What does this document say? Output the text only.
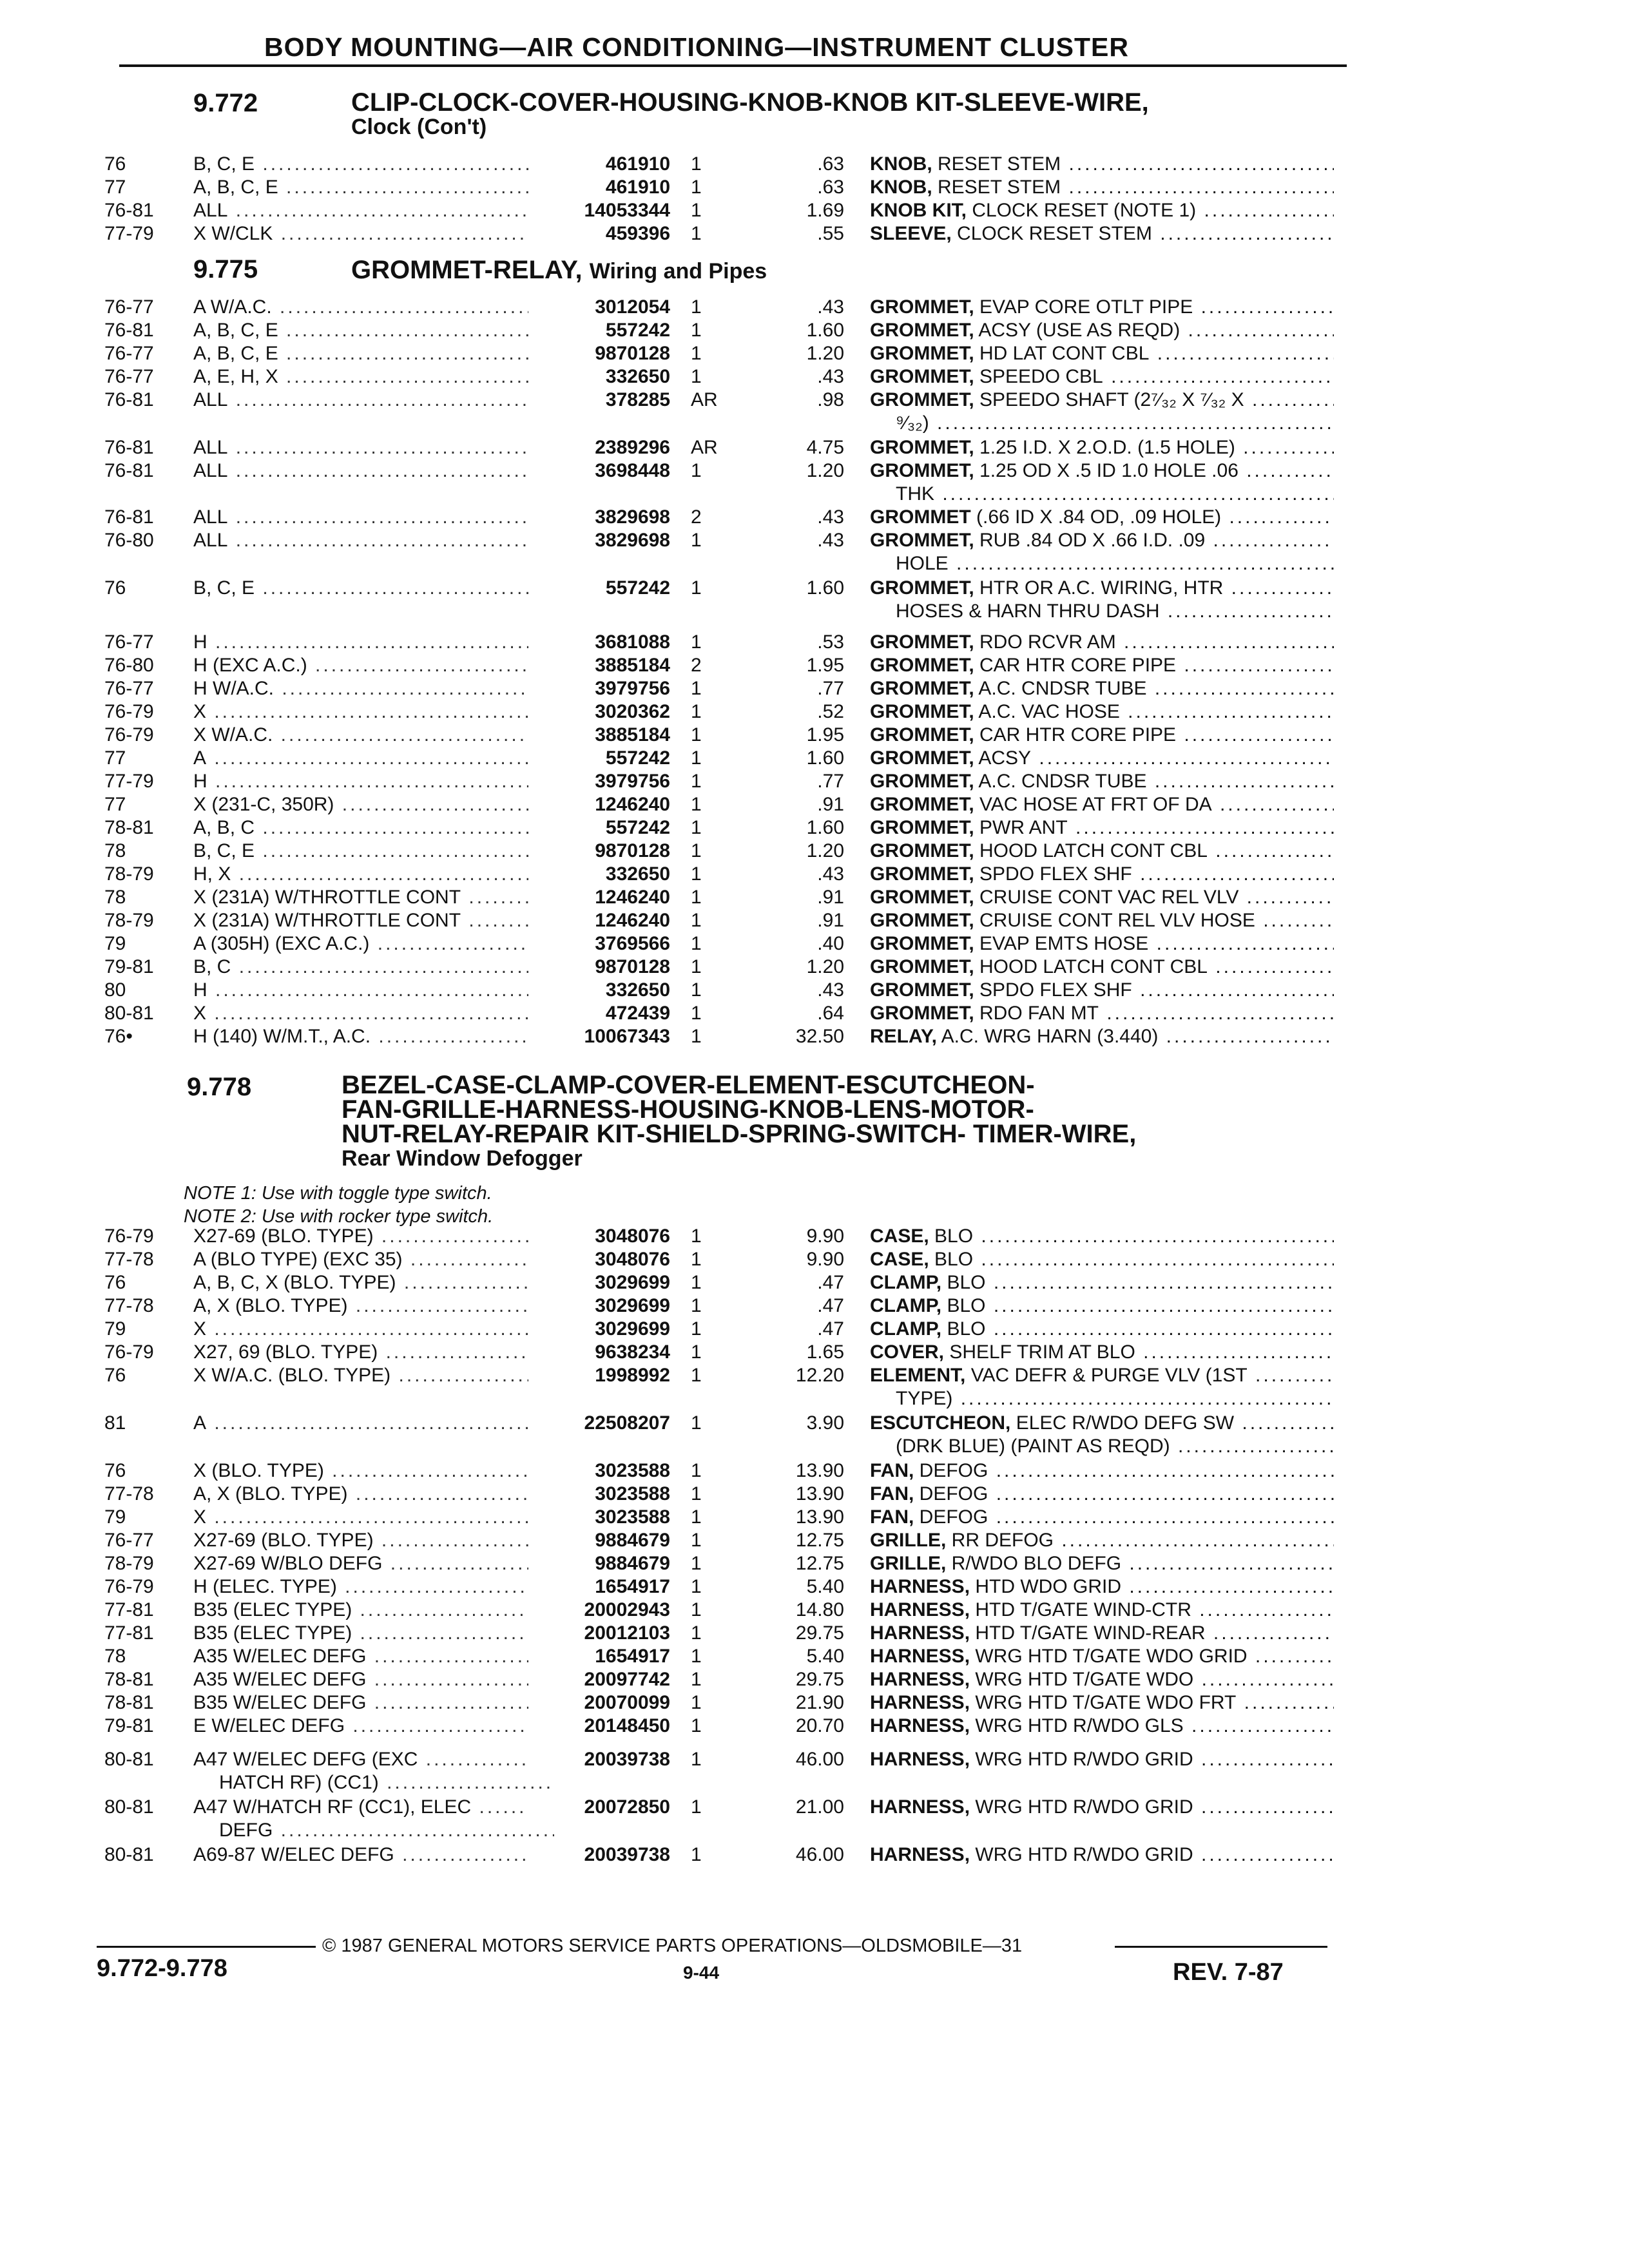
BODY MOUNTING—AIR CONDITIONING—INSTRUMENT CLUSTER
9.772	CLIP-CLOCK-COVER-HOUSING-KNOB-KNOB KIT-SLEEVE-WIRE,
Clock (Con't)
76	B, C, E .....	461910 1	.63 KNOB, RESET STEM .....
77	A, B, C, E .....	461910 1	.63 KNOB, RESET STEM .....
76-81 ALL .....	14053344 1	1.69 KNOB KIT, CLOCK RESET (NOTE 1) .....
77-79 X W/CLK .....	459396 1	.55 SLEEVE, CLOCK RESET STEM .....
9.775	GROMMET-RELAY, Wiring and Pipes
76-77 A W/A.C. .....	3012054 1	.43 GROMMET, EVAP CORE OTLT PIPE .....
76-81 A, B, C, E .....	557242 1	1.60 GROMMET, ACSY (USE AS REQD) .....
76-77 A, B, C, E .....	9870128 1	1.20 GROMMET, HD LAT CONT CBL .....
76-77 A, E, H, X .....	332650 1	.43 GROMMET, SPEEDO CBL .....
76-81 ALL .....	378285 AR	.98 GROMMET, SPEEDO SHAFT (2⁷⁄₃₂ X ⁷⁄₃₂ X .....
⁹⁄₃₂) .....
76-81 ALL .....	2389296 AR	4.75 GROMMET, 1.25 I.D. X 2.O.D. (1.5 HOLE) .....
76-81 ALL .....	3698448 1	1.20 GROMMET, 1.25 OD X .5 ID 1.0 HOLE .06 .....
THK .....
76-81 ALL .....	3829698 2	.43 GROMMET (.66 ID X .84 OD, .09 HOLE) .....
76-80 ALL .....	3829698 1	.43 GROMMET, RUB .84 OD X .66 I.D. .09 .....
HOLE .....
76	B, C, E .....	557242 1	1.60 GROMMET, HTR OR A.C. WIRING, HTR .....
HOSES & HARN THRU DASH .....
76-77 H .....	3681088 1	.53 GROMMET, RDO RCVR AM .....
76-80 H (EXC A.C.) .....	3885184 2	1.95 GROMMET, CAR HTR CORE PIPE .....
76-77 H W/A.C. .....	3979756 1	.77 GROMMET, A.C. CNDSR TUBE .....
76-79 X .....	3020362 1	.52 GROMMET, A.C. VAC HOSE .....
76-79 X W/A.C. .....	3885184 1	1.95 GROMMET, CAR HTR CORE PIPE .....
77	A .....	557242 1	1.60 GROMMET, ACSY .....
77-79 H .....	3979756 1	.77 GROMMET, A.C. CNDSR TUBE .....
77	X (231-C, 350R) .....	1246240 1	.91 GROMMET, VAC HOSE AT FRT OF DA .....
78-81 A, B, C .....	557242 1	1.60 GROMMET, PWR ANT .....
78	B, C, E .....	9870128 1	1.20 GROMMET, HOOD LATCH CONT CBL .....
78-79 H, X .....	332650 1	.43 GROMMET, SPDO FLEX SHF .....
78	X (231A) W/THROTTLE CONT .....	1246240 1	.91 GROMMET, CRUISE CONT VAC REL VLV .....
78-79 X (231A) W/THROTTLE CONT .....	1246240 1	.91 GROMMET, CRUISE CONT REL VLV HOSE .....
79	A (305H) (EXC A.C.) .....	3769566 1	.40 GROMMET, EVAP EMTS HOSE .....
79-81 B, C .....	9870128 1	1.20 GROMMET, HOOD LATCH CONT CBL .....
80	H .....	332650 1	.43 GROMMET, SPDO FLEX SHF .....
80-81 X .....	472439 1	.64 GROMMET, RDO FAN MT .....
76•	H (140) W/M.T., A.C. .....	10067343 1	32.50 RELAY, A.C. WRG HARN (3.440) .....
9.778	BEZEL-CASE-CLAMP-COVER-ELEMENT-ESCUTCHEON-
FAN-GRILLE-HARNESS-HOUSING-KNOB-LENS-MOTOR-
NUT-RELAY-REPAIR KIT-SHIELD-SPRING-SWITCH- TIMER-WIRE,
Rear Window Defogger
NOTE 1: Use with toggle type switch.
NOTE 2: Use with rocker type switch.
76-79 X27-69 (BLO. TYPE) .....	3048076 1	9.90 CASE, BLO .....
77-78 A (BLO TYPE) (EXC 35) .....	3048076 1	9.90 CASE, BLO .....
76	A, B, C, X (BLO. TYPE) .....	3029699 1	.47 CLAMP, BLO .....
77-78 A, X (BLO. TYPE) .....	3029699 1	.47 CLAMP, BLO .....
79	X .....	3029699 1	.47 CLAMP, BLO .....
76-79 X27, 69 (BLO. TYPE) .....	9638234 1	1.65 COVER, SHELF TRIM AT BLO .....
76	X W/A.C. (BLO. TYPE) .....	1998992 1	12.20 ELEMENT, VAC DEFR & PURGE VLV (1ST .....
TYPE) .....
81	A .....	22508207 1	3.90 ESCUTCHEON, ELEC R/WDO DEFG SW .....
(DRK BLUE) (PAINT AS REQD) .....
76	X (BLO. TYPE) .....	3023588 1	13.90 FAN, DEFOG .....
77-78 A, X (BLO. TYPE) .....	3023588 1	13.90 FAN, DEFOG .....
79	X .....	3023588 1	13.90 FAN, DEFOG .....
76-77 X27-69 (BLO. TYPE) .....	9884679 1	12.75 GRILLE, RR DEFOG .....
78-79 X27-69 W/BLO DEFG .....	9884679 1	12.75 GRILLE, R/WDO BLO DEFG .....
76-79 H (ELEC. TYPE) .....	1654917 1	5.40 HARNESS, HTD WDO GRID .....
77-81 B35 (ELEC TYPE) .....	20002943 1	14.80 HARNESS, HTD T/GATE WIND-CTR .....
77-81 B35 (ELEC TYPE) .....	20012103 1	29.75 HARNESS, HTD T/GATE WIND-REAR .....
78	A35 W/ELEC DEFG .....	1654917 1	5.40 HARNESS, WRG HTD T/GATE WDO GRID .....
78-81 A35 W/ELEC DEFG .....	20097742 1	29.75 HARNESS, WRG HTD T/GATE WDO .....
78-81 B35 W/ELEC DEFG .....	20070099 1	21.90 HARNESS, WRG HTD T/GATE WDO FRT .....
79-81 E W/ELEC DEFG .....	20148450 1	20.70 HARNESS, WRG HTD R/WDO GLS .....
80-81 A47 W/ELEC DEFG (EXC .....	20039738 1	46.00 HARNESS, WRG HTD R/WDO GRID .....
HATCH RF) (CC1) .....
80-81 A47 W/HATCH RF (CC1), ELEC .....	20072850 1	21.00 HARNESS, WRG HTD R/WDO GRID .....
DEFG .....
80-81 A69-87 W/ELEC DEFG .....	20039738 1	46.00 HARNESS, WRG HTD R/WDO GRID .....
© 1987 GENERAL MOTORS SERVICE PARTS OPERATIONS—OLDSMOBILE—31
9.772-9.778	9-44	REV. 7-87
